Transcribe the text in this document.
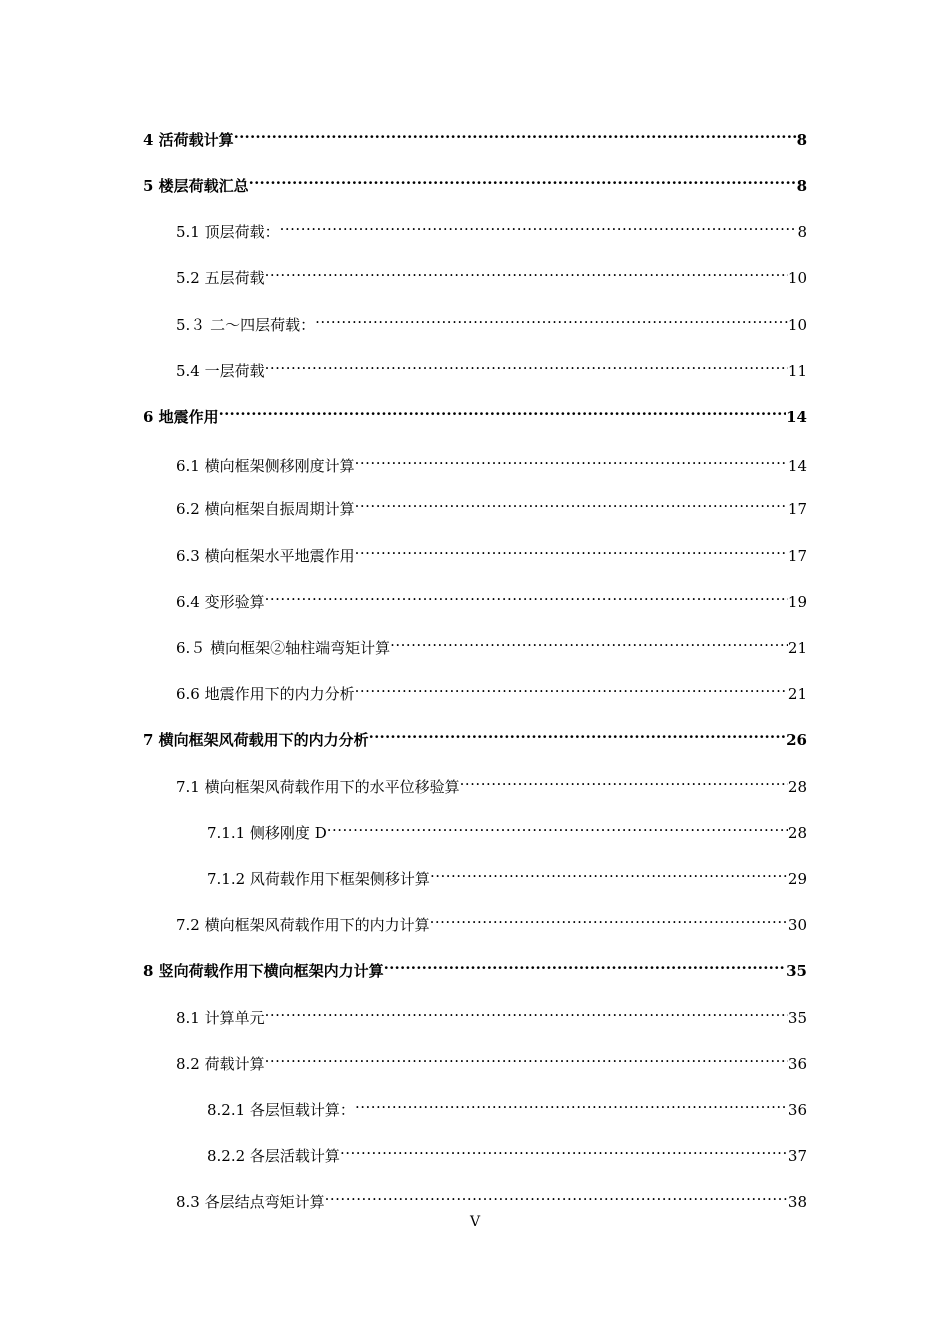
4 活荷载计算 .....	8
5 楼层荷载汇总 .....	8
5.1 顶层荷载： .....	8
5.2 五层荷载 .....	10
5.３ 二～四层荷载： .....	10
5.4 一层荷载 .....	11
6 地震作用 .....	14
6.1 横向框架侧移刚度计算 .....	14
6.2 横向框架自振周期计算 .....	17
6.3 横向框架水平地震作用 .....	17
6.4 变形验算 .....	19
6.５ 横向框架②轴柱端弯矩计算 .....	21
6.6 地震作用下的内力分析 .....	21
7 横向框架风荷载用下的内力分析 .....	26
7.1 横向框架风荷载作用下的水平位移验算 .....	28
7.1.1 侧移刚度 D .....	28
7.1.2 风荷载作用下框架侧移计算 .....	29
7.2 横向框架风荷载作用下的内力计算 .....	30
8 竖向荷载作用下横向框架内力计算 .....	35
8.1 计算单元 .....	35
8.2 荷载计算 .....	36
8.2.1 各层恒载计算： .....	36
8.2.2 各层活载计算 .....	37
8.3 各层结点弯矩计算 .....	38
V
